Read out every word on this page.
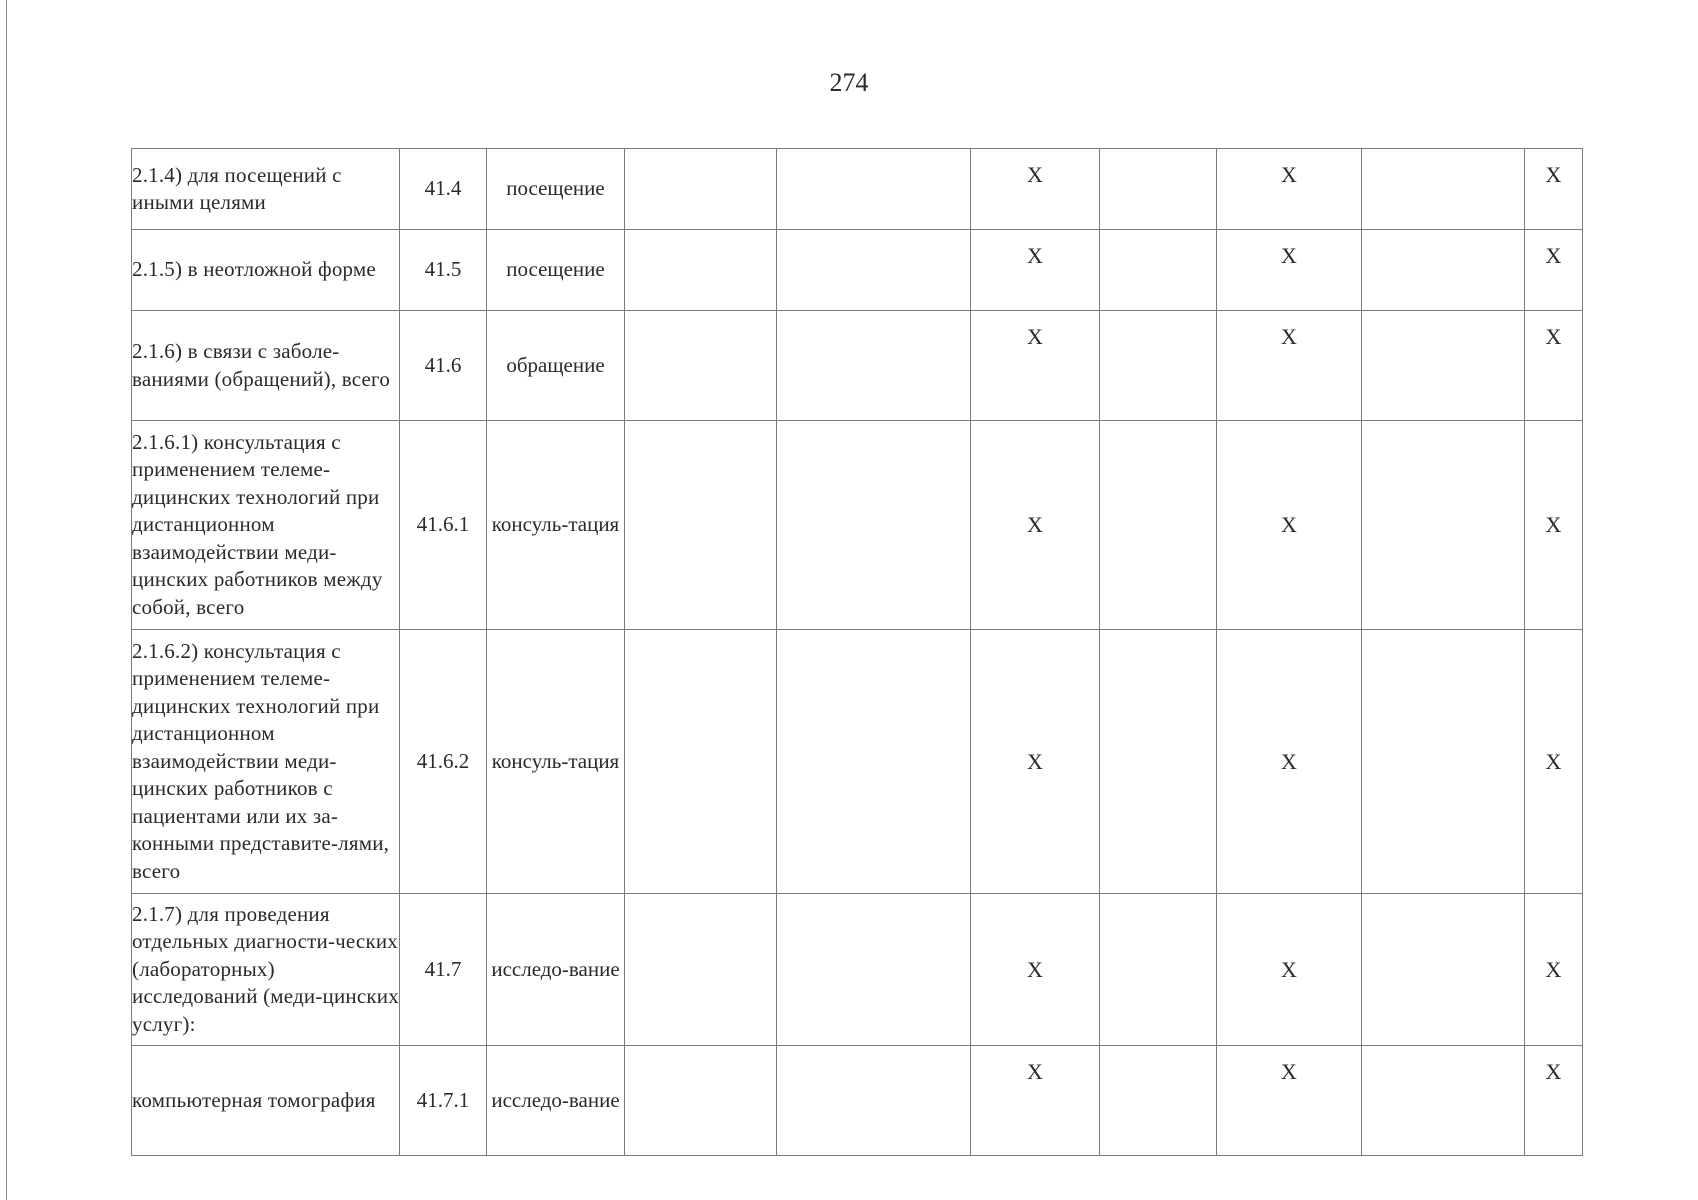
274
2.1.4) для посещений с иными целями	41.4	посещение			X		X		X
2.1.5) в неотложной форме	41.5	посещение			X		X		X
2.1.6) в связи с заболе-ваниями (обращений), всего	41.6	обращение			X		X		X
2.1.6.1) консультация с применением телеме-дицинских технологий при дистанционном взаимодействии меди-цинских работников между собой, всего	41.6.1	консуль-тация			X		X		X
2.1.6.2) консультация с применением телеме-дицинских технологий при дистанционном взаимодействии меди-цинских работников с пациентами или их за-конными представите-лями, всего	41.6.2	консуль-тация			X		X		X
2.1.7) для проведения отдельных диагности-ческих (лабораторных) исследований (меди-цинских услуг):	41.7	исследо-вание			X		X		X
компьютерная томография	41.7.1	исследо-вание			X		X		X
